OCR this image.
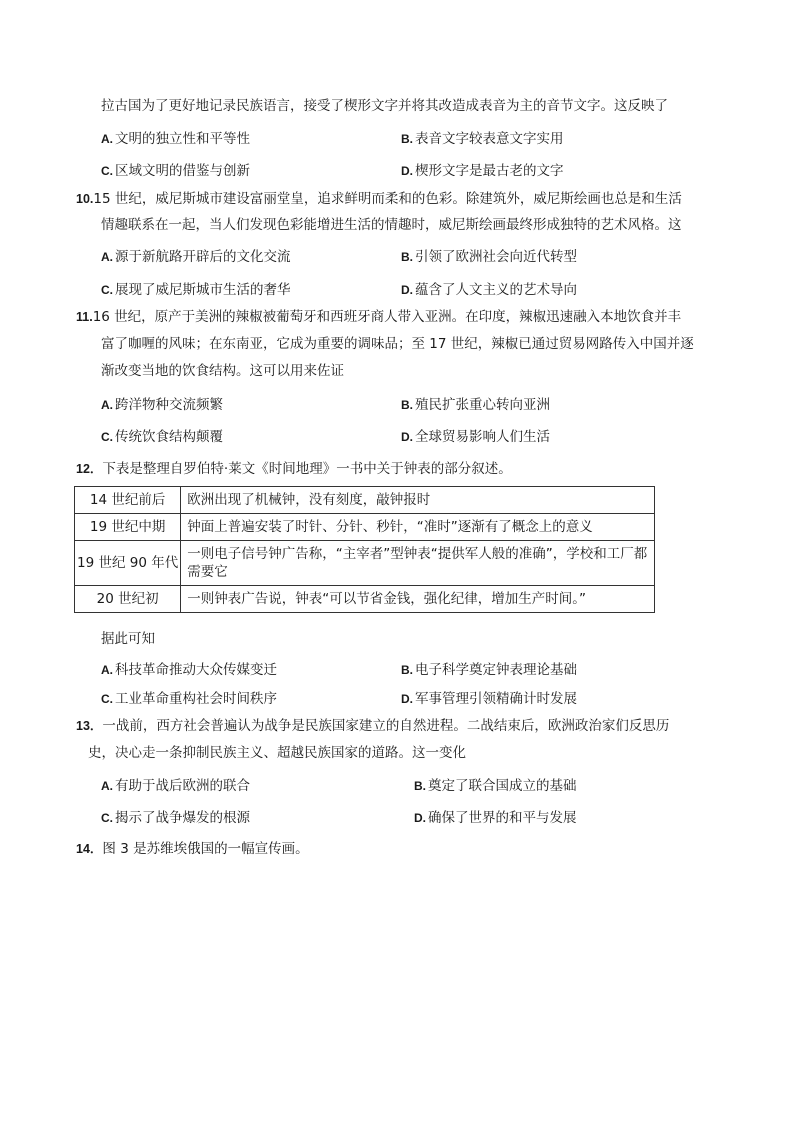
拉古国为了更好地记录民族语言，接受了楔形文字并将其改造成表音为主的音节文字。这反映了
A. 文明的独立性和平等性	B. 表音文字较表意文字实用
C. 区域文明的借鉴与创新	D. 楔形文字是最古老的文字
10.15 世纪，威尼斯城市建设富丽堂皇，追求鲜明而柔和的色彩。除建筑外，威尼斯绘画也总是和生活
情趣联系在一起，当人们发现色彩能增进生活的情趣时，威尼斯绘画最终形成独特的艺术风格。这
A. 源于新航路开辟后的文化交流	B. 引领了欧洲社会向近代转型
C. 展现了威尼斯城市生活的奢华	D. 蕴含了人文主义的艺术导向
11.16 世纪，原产于美洲的辣椒被葡萄牙和西班牙商人带入亚洲。在印度，辣椒迅速融入本地饮食并丰
富了咖喱的风味；在东南亚，它成为重要的调味品；至 17 世纪，辣椒已通过贸易网路传入中国并逐
渐改变当地的饮食结构。这可以用来佐证
A. 跨洋物种交流频繁	B. 殖民扩张重心转向亚洲
C. 传统饮食结构颠覆	D. 全球贸易影响人们生活
12．下表是整理自罗伯特·莱文《时间地理》一书中关于钟表的部分叙述。
14 世纪前后	欧洲出现了机械钟，没有刻度，敲钟报时
19 世纪中期	钟面上普遍安装了时针、分针、秒针，“准时”逐渐有了概念上的意义
19 世纪 90 年代	一则电子信号钟广告称，“主宰者”型钟表“提供军人般的准确”，学校和工厂都需要它
20 世纪初	一则钟表广告说，钟表“可以节省金钱，强化纪律，增加生产时间。”
据此可知
A. 科技革命推动大众传媒变迁	B. 电子科学奠定钟表理论基础
C. 工业革命重构社会时间秩序	D. 军事管理引领精确计时发展
13．一战前，西方社会普遍认为战争是民族国家建立的自然进程。二战结束后，欧洲政治家们反思历
史，决心走一条抑制民族主义、超越民族国家的道路。这一变化
A. 有助于战后欧洲的联合	B. 奠定了联合国成立的基础
C. 揭示了战争爆发的根源	D. 确保了世界的和平与发展
14．图 3 是苏维埃俄国的一幅宣传画。
